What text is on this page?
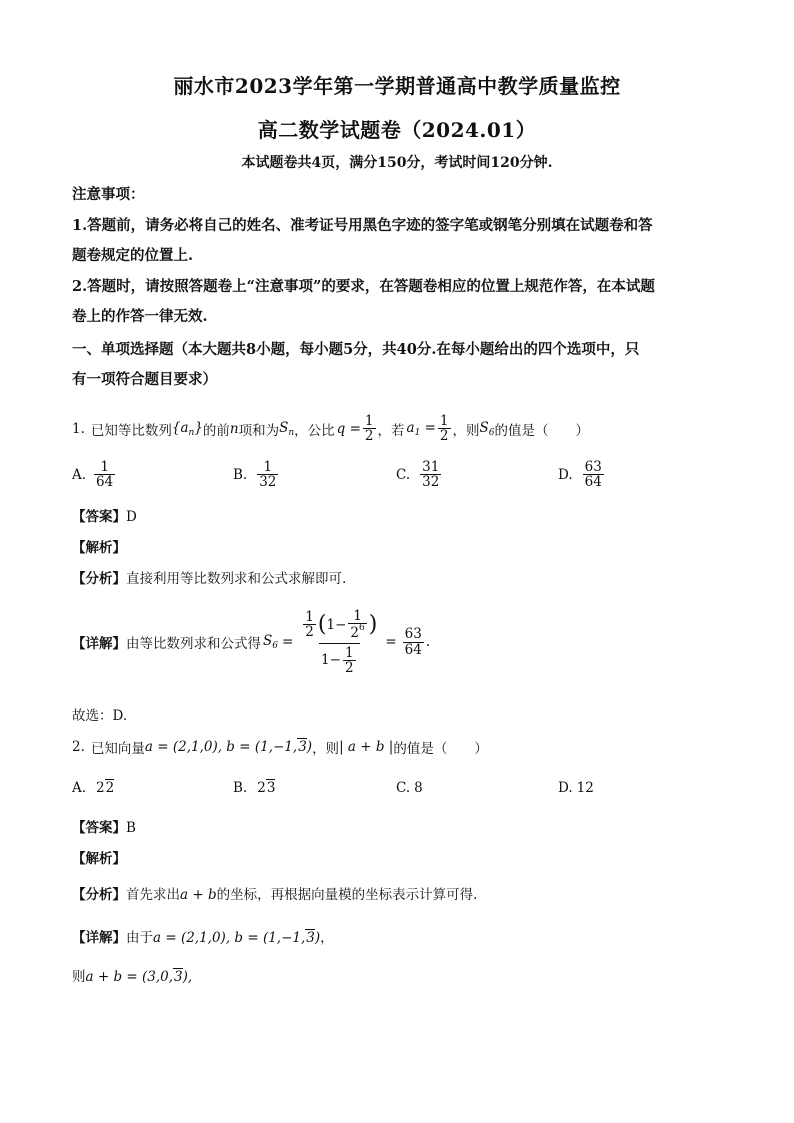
丽水市2023学年第一学期普通高中教学质量监控
高二数学试题卷（2024.01）
本试题卷共4页，满分150分，考试时间120分钟.
注意事项：
1.答题前，请务必将自己的姓名、准考证号用黑色字迹的签字笔或钢笔分别填在试题卷和答
题卷规定的位置上.
2.答题时，请按照答题卷上“注意事项”的要求，在答题卷相应的位置上规范作答，在本试题
卷上的作答一律无效.
一、单项选择题（本大题共8小题，每小题5分，共40分.在每小题给出的四个选项中，只
有一项符合题目要求）
1. 已知等比数列 $\{a_n\}$ 的前 n 项和为 $S_n$ ，公比 $q = \frac{1}{2}$ ，若 $a_1 = \frac{1}{2}$ ，则 $S_6$ 的值是（　　）
A. $\frac{1}{64}$	B. $\frac{1}{32}$	C. $\frac{31}{32}$	D. $\frac{63}{64}$
【答案】D
【解析】
【分析】直接利用等比数列求和公式求解即可.
【详解】 由等比数列求和公式得 $S_6 = \frac{\frac{1}{2} ( 1- \frac{1}{2^6} )}{1- \frac{1}{2}} = \frac{63}{64}$ .
故选：D.
2. 已知向量 a = (2,1,0), b = (1,−1,3) ，则 | a + b | 的值是（　　）
A. 22	B. 23	C. 8	D. 12
【答案】B
【解析】
【分析】首先求出a + b的坐标，再根据向量模的坐标表示计算可得.
【详解】由于a = (2,1,0), b = (1,−1,3)，
则a + b = (3,0,3),
